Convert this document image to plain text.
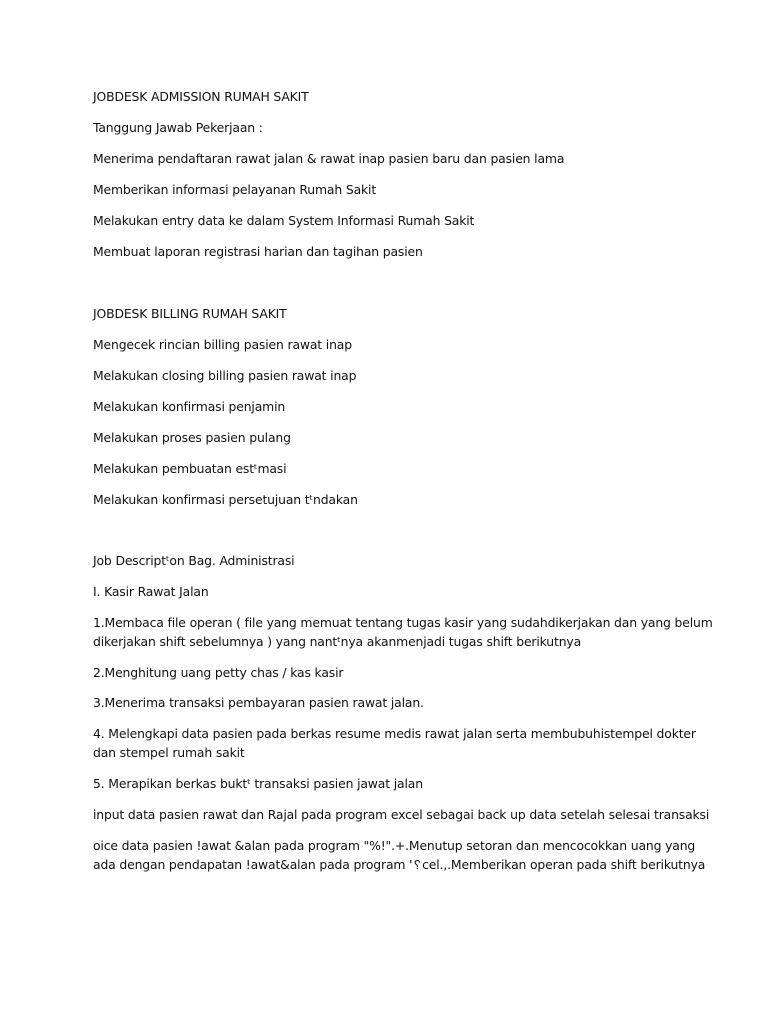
JOBDESK ADMISSION RUMAH SAKIT
Tanggung Jawab Pekerjaan :
Menerima pendaftaran rawat jalan & rawat inap pasien baru dan pasien lama
Memberikan informasi pelayanan Rumah Sakit
Melakukan entry data ke dalam System Informasi Rumah Sakit
Membuat laporan registrasi harian dan tagihan pasien
JOBDESK BILLING RUMAH SAKIT
Mengecek rincian billing pasien rawat inap
Melakukan closing billing pasien rawat inap
Melakukan konfirmasi penjamin
Melakukan proses pasien pulang
Melakukan pembuatan estᵗmasi
Melakukan konfirmasi persetujuan tᵗndakan
Job Descriptᵗon Bag. Administrasi
I. Kasir Rawat Jalan
1.Membaca file operan ( file yang memuat tentang tugas kasir yang sudahdikerjakan dan yang belum
dikerjakan shift sebelumnya ) yang nantᵗnya akanmenjadi tugas shift berikutnya
2.Menghitung uang petty chas / kas kasir
3.Menerima transaksi pembayaran pasien rawat jalan.
4. Melengkapi data pasien pada berkas resume medis rawat jalan serta membubuhistempel dokter
dan stempel rumah sakit
5. Merapikan berkas buktᵗ transaksi pasien jawat jalan
input data pasien rawat dan Rajal pada program excel sebagai back up data setelah selesai transaksi
oice data pasien !awat &alan pada program "%!".+.Menutup setoran dan mencocokkan uang yang
ada dengan pendapatan !awat&alan pada program '␦cel.,.Memberikan operan pada shift berikutnya
